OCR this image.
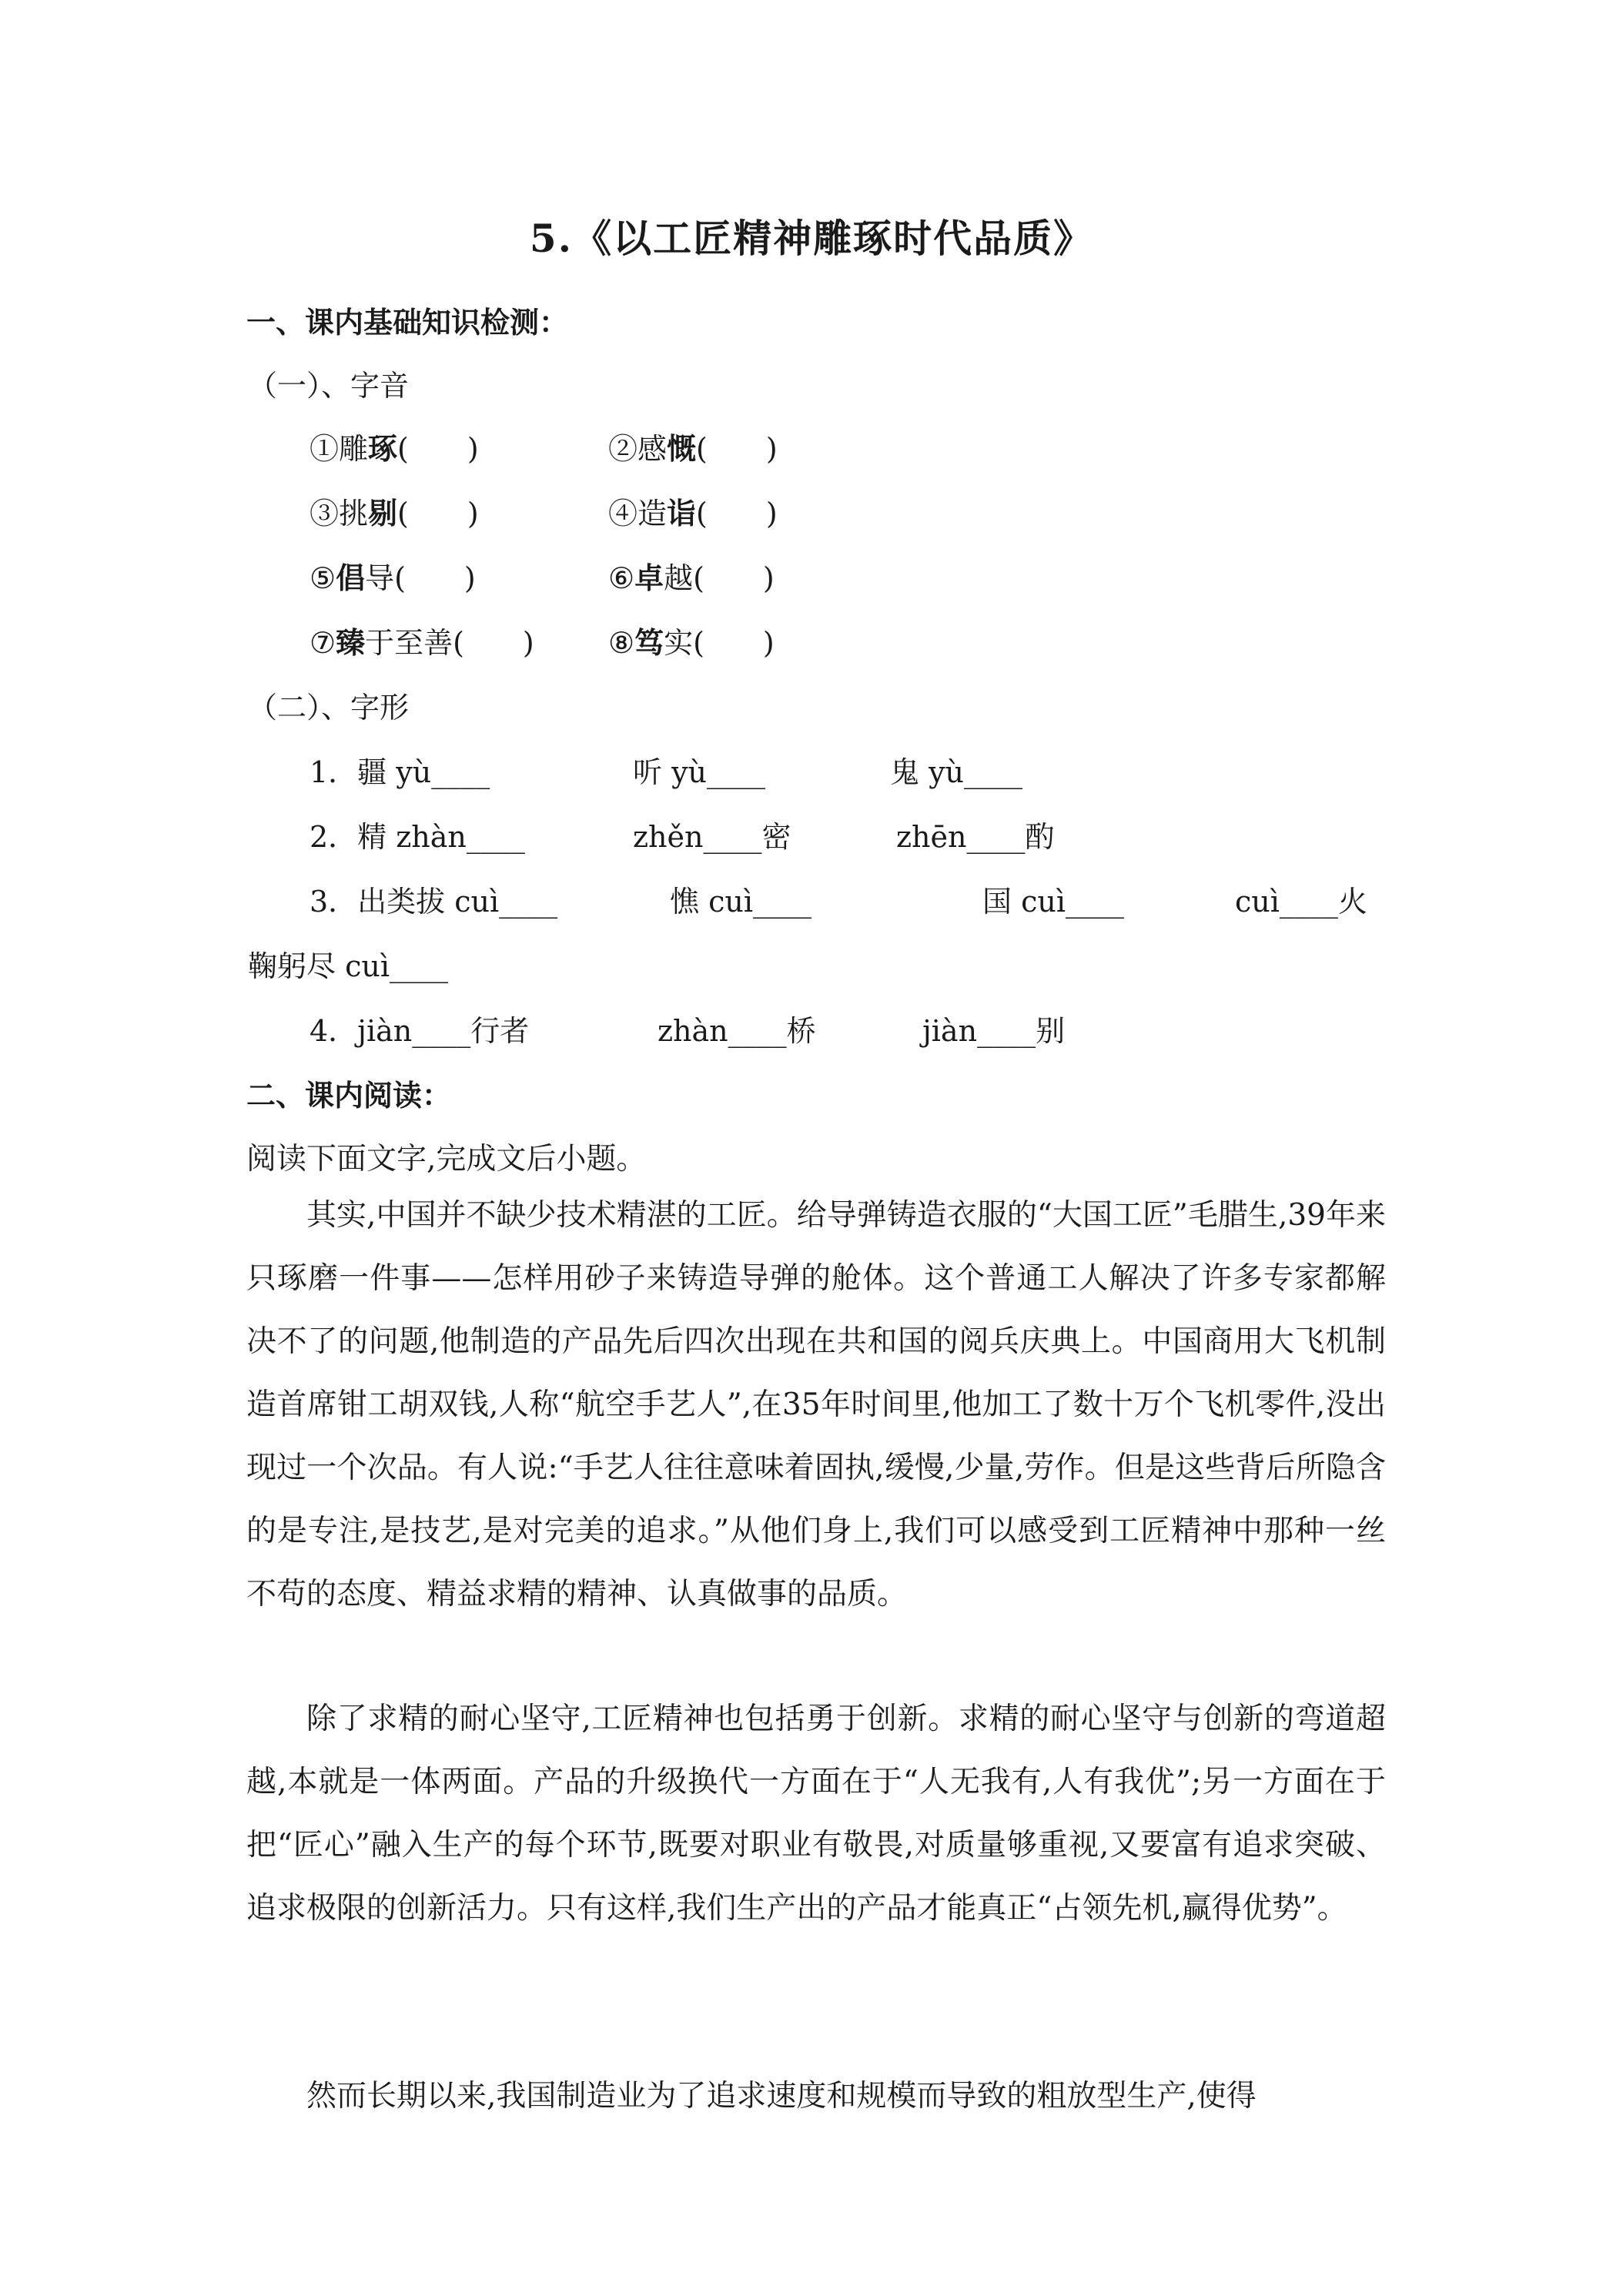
5.《以工匠精神雕琢时代品质》
一、课内基础知识检测：
（一）、字音
①雕琢(　　)	②感慨(　　)
③挑剔(　　)	④造诣(　　)
⑤倡导(　　)	⑥卓越(　　)
⑦臻于至善(　　)	⑧笃实(　　)
（二）、字形
1．疆 yù____	听 yù____	鬼 yù____
2．精 zhàn____	zhěn____密	zhēn____酌
3．出类拔 cuì____	憔 cuì____	国 cuì____	cuì____火
鞠躬尽 cuì____
4．jiàn____行者	zhàn____桥	jiàn____别
二、课内阅读：
阅读下面文字,完成文后小题。
其实,中国并不缺少技术精湛的工匠。给导弹铸造衣服的“大国工匠”毛腊生,39年来只琢磨一件事——怎样用砂子来铸造导弹的舱体。这个普通工人解决了许多专家都解决不了的问题,他制造的产品先后四次出现在共和国的阅兵庆典上。中国商用大飞机制造首席钳工胡双钱,人称“航空手艺人”,在35年时间里,他加工了数十万个飞机零件,没出现过一个次品。有人说:“手艺人往往意味着固执,缓慢,少量,劳作。但是这些背后所隐含的是专注,是技艺,是对完美的追求。”从他们身上,我们可以感受到工匠精神中那种一丝不苟的态度、精益求精的精神、认真做事的品质。
除了求精的耐心坚守,工匠精神也包括勇于创新。求精的耐心坚守与创新的弯道超越,本就是一体两面。产品的升级换代一方面在于“人无我有,人有我优”;另一方面在于把“匠心”融入生产的每个环节,既要对职业有敬畏,对质量够重视,又要富有追求突破、追求极限的创新活力。只有这样,我们生产出的产品才能真正“占领先机,赢得优势”。
然而长期以来,我国制造业为了追求速度和规模而导致的粗放型生产,使得
